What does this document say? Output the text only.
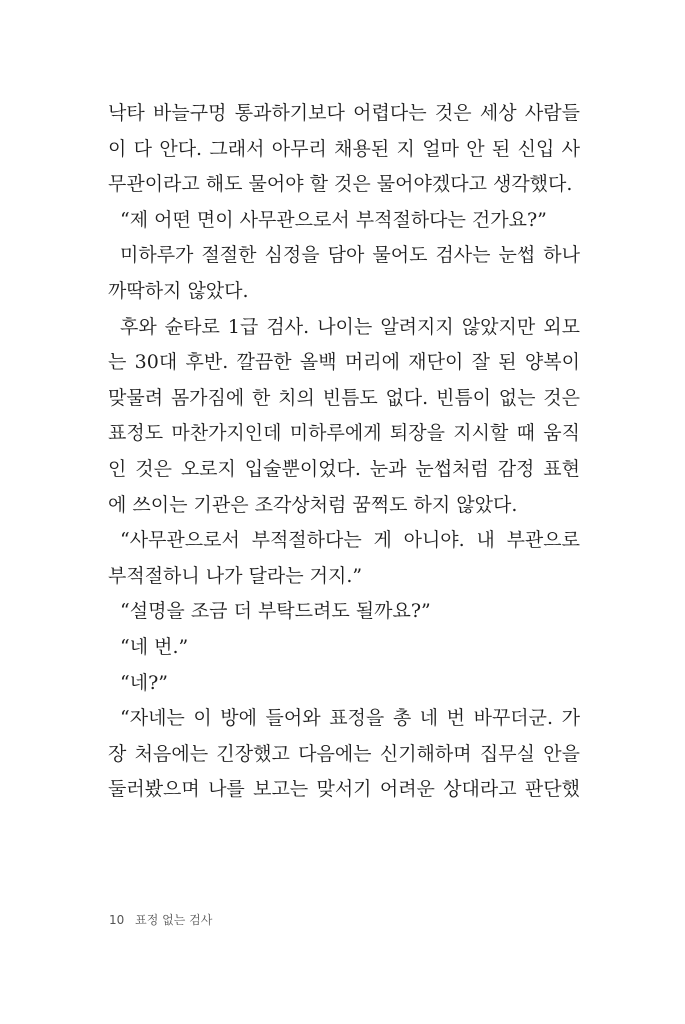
낙타 바늘구멍 통과하기보다 어렵다는 것은 세상 사람들
이 다 안다. 그래서 아무리 채용된 지 얼마 안 된 신입 사
무관이라고 해도 물어야 할 것은 물어야겠다고 생각했다.
“제 어떤 면이 사무관으로서 부적절하다는 건가요?”
미하루가 절절한 심정을 담아 물어도 검사는 눈썹 하나
까딱하지 않았다.
후와 슌타로 1급 검사. 나이는 알려지지 않았지만 외모
는 30대 후반. 깔끔한 올백 머리에 재단이 잘 된 양복이
맞물려 몸가짐에 한 치의 빈틈도 없다. 빈틈이 없는 것은
표정도 마찬가지인데 미하루에게 퇴장을 지시할 때 움직
인 것은 오로지 입술뿐이었다. 눈과 눈썹처럼 감정 표현
에 쓰이는 기관은 조각상처럼 꿈쩍도 하지 않았다.
“사무관으로서 부적절하다는 게 아니야. 내 부관으로
부적절하니 나가 달라는 거지.”
“설명을 조금 더 부탁드려도 될까요?”
“네 번.”
“네?”
“자네는 이 방에 들어와 표정을 총 네 번 바꾸더군. 가
장 처음에는 긴장했고 다음에는 신기해하며 집무실 안을
둘러봤으며 나를 보고는 맞서기 어려운 상대라고 판단했
10 표정 없는 검사
